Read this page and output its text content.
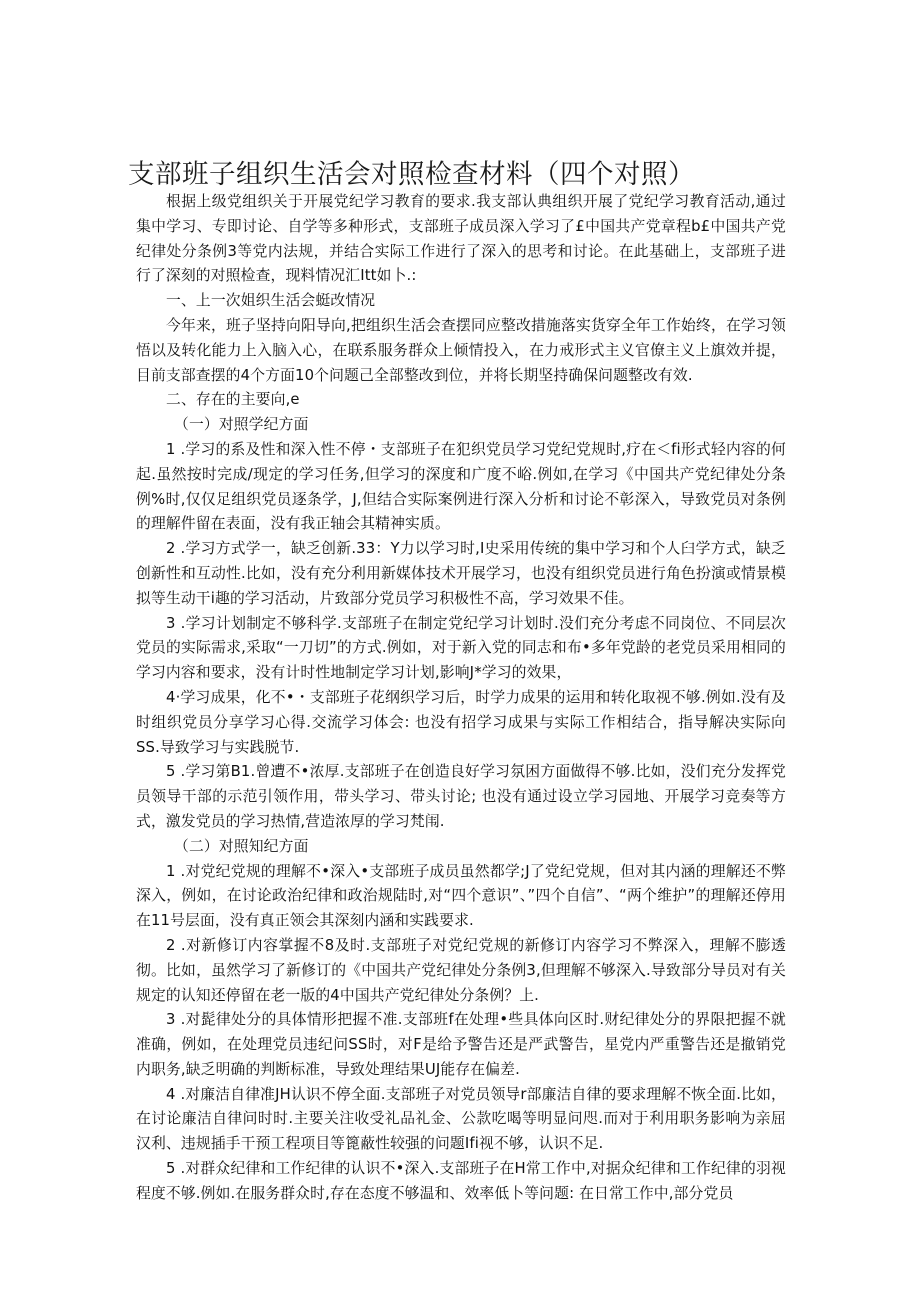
支部班子组织生活会对照检查材料（四个对照）

根据上级党组织关于开展党纪学习教育的要求.我支部认典组织开展了党纪学习教育活动,通过集中学习、专即讨论、自学等多种形式，支部班子成员深入学习了£中国共产党章程b£中国共产党纪律处分条例3等党内法规，并结合实际工作进行了深入的思考和讨论。在此基础上，支部班子进行了深刻的对照检查，现料情况汇Itt如卜.:

一、上一次姐织生活会蜓改情况

今年来，班子坚持向阳导向,把组织生活会查摆同应整改措施落实货穿全年工作始终，在学习领悟以及转化能力上入脑入心，在联系服务群众上倾情投入，在力戒形式主义官僚主义上旗效并提，目前支部查摆的4个方面10个问题己全部整改到位，并将长期坚持确保问题整改有效.

二、存在的主要向,e

（一）对照学纪方面

1 .学习的系及性和深入性不停・支部班子在犯织党员学习党纪党规时,疗在＜fi形式轻内容的何起.虽然按时完成/现定的学习任务,但学习的深度和广度不峪.例如,在学习《中国共产党纪律处分条例%时,仅仅足组织党员逐条学，J,但结合实际案例进行深入分析和讨论不彰深入，导致党员对条例的理解件留在表面，没有我正轴会其精神实质。

2 .学习方式学一，缺乏创新.33：Y力以学习时,I史采用传统的集中学习和个人臼学方式，缺乏创新性和互动性.比如，没有充分利用新媒体技术开展学习，也没有组织党员进行角色扮演或情景模拟等生动干i趣的学习活动，片致部分党员学习积极性不高，学习效果不佳。

3 .学习计划制定不够科学.支部班子在制定党纪学习计划时.没们充分考虑不同岗位、不同层次党员的实际需求,采取“一刀切”的方式.例如，对于新入党的同志和布•多年党龄的老党员采用相同的学习内容和要求，没有计时性地制定学习计划,影响J*学习的效果，

4·学习成果，化不•・支部班子花纲织学习后，时学力成果的运用和转化取视不够.例如.没有及时组织党员分享学习心得.交流学习体会: 也没有招学习成果与实际工作相结合，指导解决实际向SS.导致学习与实践脱节.

5 .学习第B1.曾遭不•浓厚.支部班子在创造良好学习氛困方面做得不够.比如，没们充分发挥党员领导干部的示范引领作用，带头学习、带头讨论; 也没有通过设立学习园地、开展学习竞奏等方式，激发党员的学习热情,营造浓厚的学习梵闱.

（二）对照知纪方面

1 .对党纪党规的理解不•深入•支部班子成员虽然都学;J了党纪党规，但对其内涵的理解还不弊深入，例如，在讨论政治纪律和政治规陆时,对“四个意识”、”四个自信”、“两个维护”的理解还停用在11号层面，没有真正领会其深刻内涵和实践要求.

2 .对新修订内容掌握不8及时.支部班子对党纪党规的新修订内容学习不弊深入，理解不膨透彻。比如，虽然学习了新修订的《中国共产党纪律处分条例3,但理解不够深入.导致部分导员对有关规定的认知还停留在老一版的4中国共产党纪律处分条例？上.

3 .对髭律处分的具体情形把握不准.支部班f在处理•些具体向区时.财纪律处分的界限把握不就准确，例如，在处理党员违纪问SS时，对F是给予警告还是严武警告，星党内严重警告还是撤销党内职务,缺乏明确的判断标准，导致处理结果UJ能存在偏差.

4 .对廉洁自律准JH认识不停全面.支部班子对党员领导r部廉洁自律的要求理解不恢全面.比如，在讨论廉洁自律问时时.主要关注收受礼品礼金、公款吃喝等明显问咫.而对于利用职务影响为亲屈汉利、违规插手干预工程项目等篦蔽性较强的问题Ifi视不够，认识不足.

5 .对群众纪律和工作纪律的认识不•深入.支部班子在H常工作中,对据众纪律和工作纪律的羽视程度不够.例如.在服务群众时,存在态度不够温和、效率低卜等问题: 在日常工作中,部分党员
